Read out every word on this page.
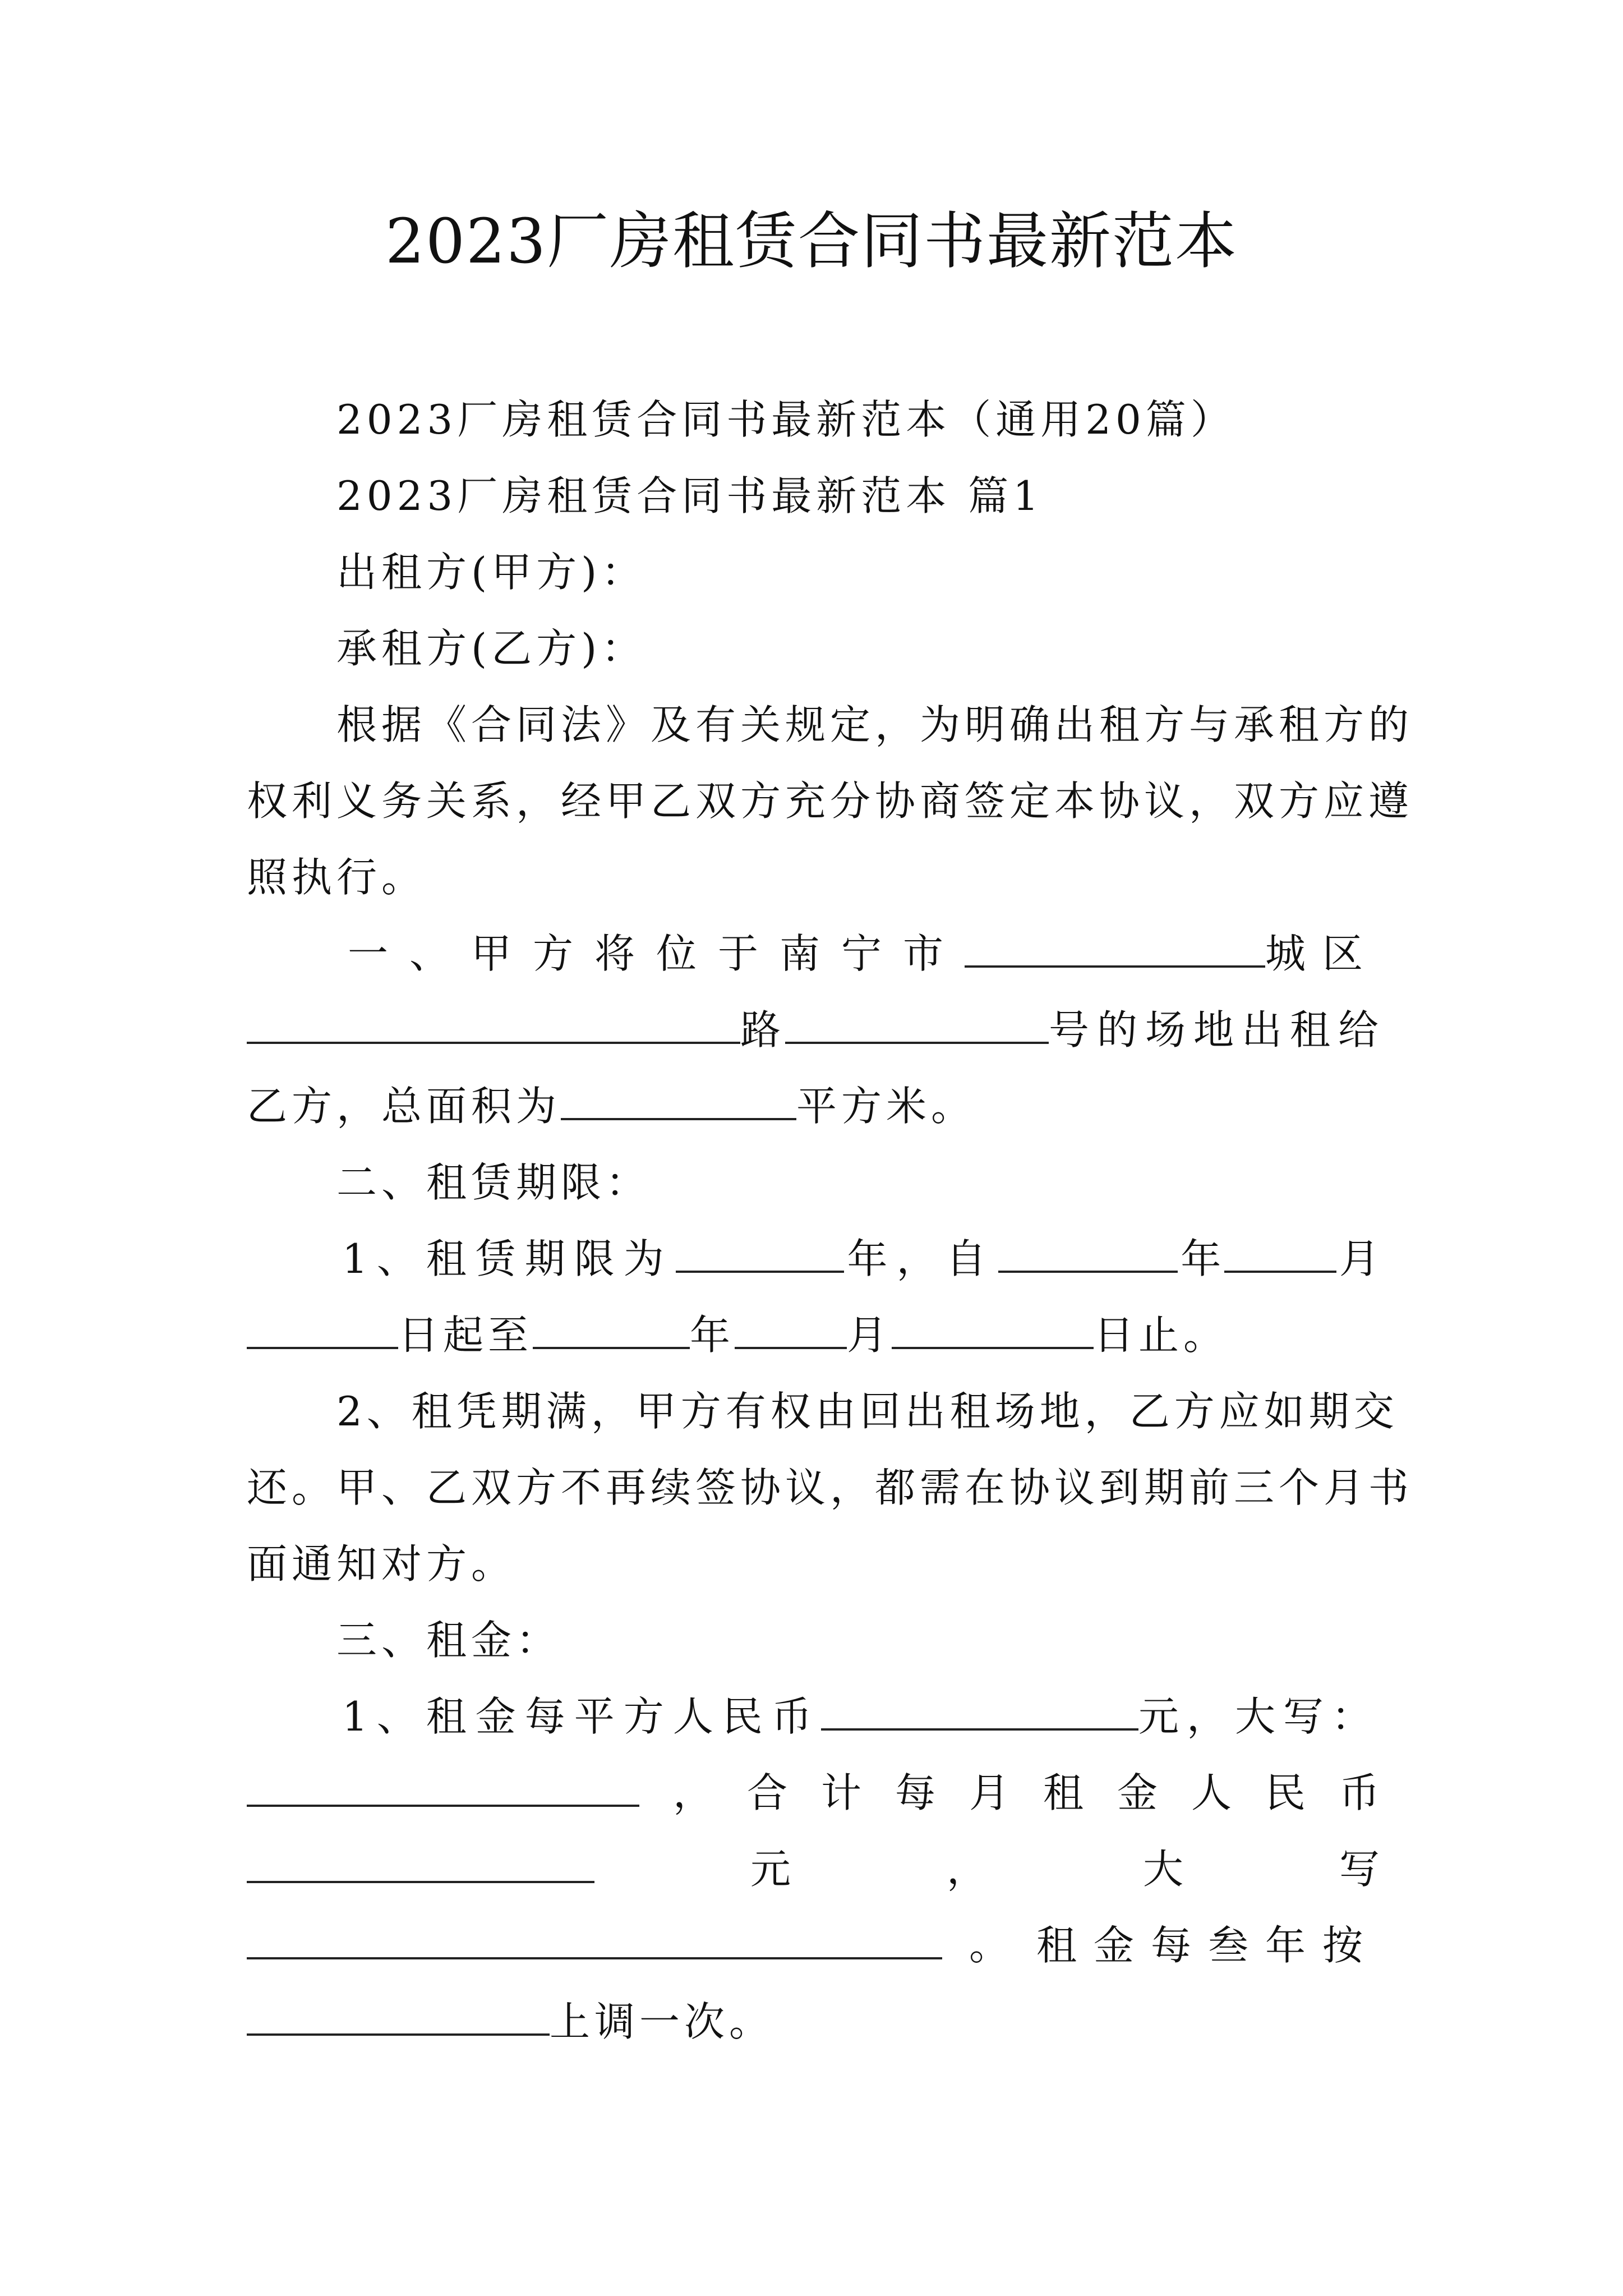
2023厂房租赁合同书最新范本
2023厂房租赁合同书最新范本（通用20篇）
2023厂房租赁合同书最新范本 篇1
出租方(甲方)：
承租方(乙方)：
根据《合同法》及有关规定，为明确出租方与承租方的
权利义务关系，经甲乙双方充分协商签定本协议，双方应遵
照执行。
一、甲方将位于南宁市	城区
路	号的场地出租给
乙方，总面积为	平方米。
二、租赁期限：
1、租赁期限为	年，自	年	月
日起至	年	月	日止。
2、租凭期满，甲方有权由回出租场地，乙方应如期交
还。甲、乙双方不再续签协议，都需在协议到期前三个月书
面通知对方。
三、租金：
1、租金每平方人民币	元，大写：
， 合 计 每 月 租 金 人 民 币
元	，	大	写
。 租金每叁年按
上调一次。
